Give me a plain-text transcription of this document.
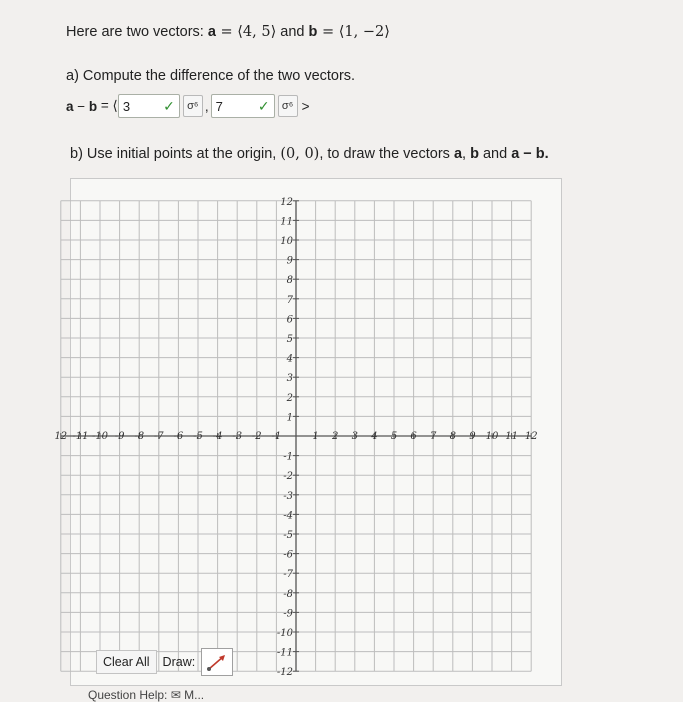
Here are two vectors: a = ⟨4, 5⟩ and b = ⟨1, −2⟩
a) Compute the difference of the two vectors.
a − b = ⟨ 3 ✓	σ⁶ , 7	✓	σ⁶ >
b) Use initial points at the origin, (0, 0), to draw the vectors a, b and a − b.
12 -11 -10 -9 -8 -7 -6 -5 -4 -3 -2 -1	1 2 3 4 5 6 7 8 9 10 11 12
12
11
10
9
8
7
6
5
4
3
2
1
-1
-2
-3
-4
-5
-6
-7
-8
-9
-10
-11
-12
Clear All	Draw:
Question Help: ✉ M...
